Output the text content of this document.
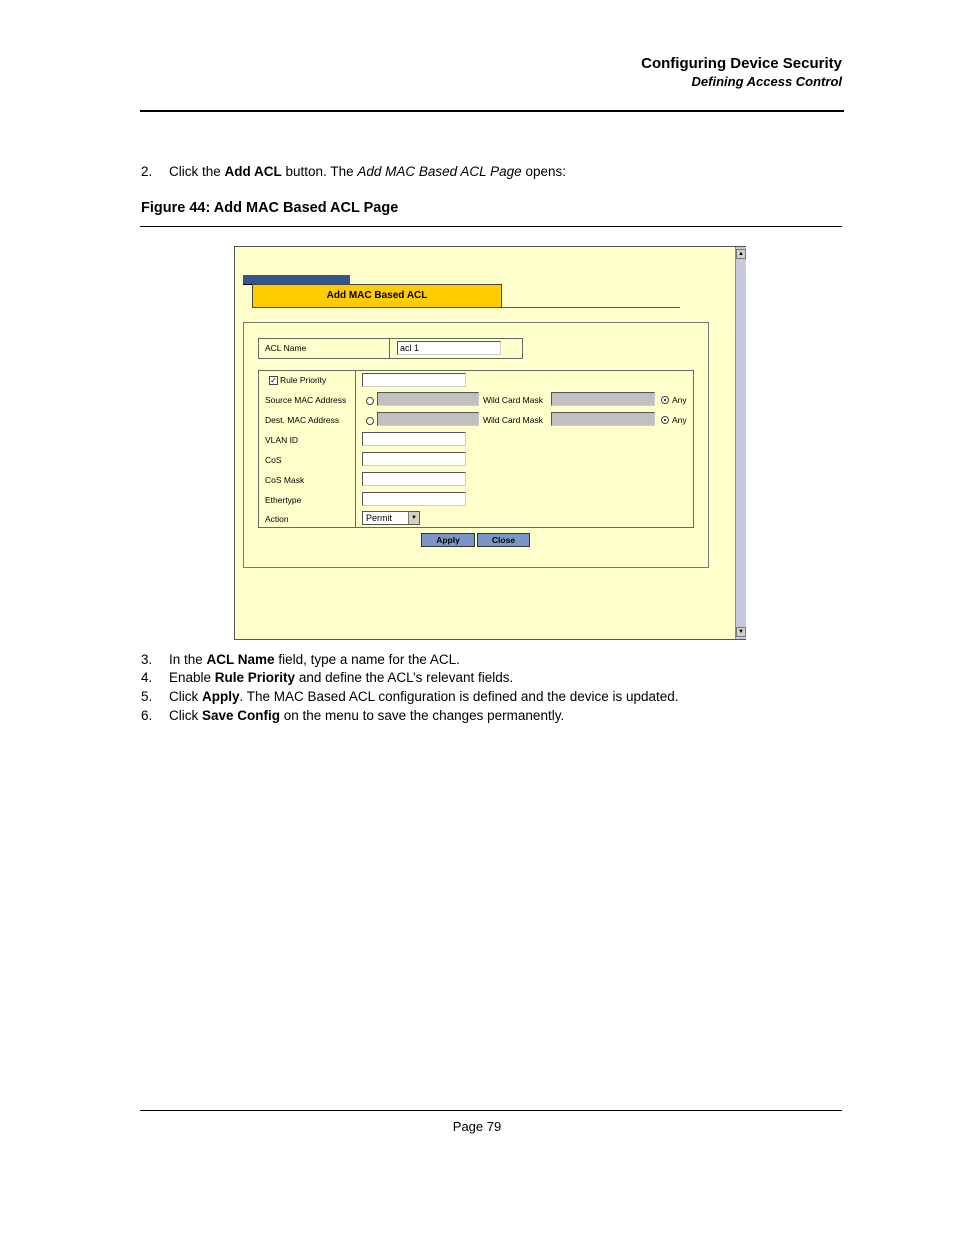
Configuring Device Security
Defining Access Control
2. Click the Add ACL button. The Add MAC Based ACL Page opens:
Figure 44: Add MAC Based ACL Page
▲
▼
Add MAC Based ACL
ACL Name	acl 1
✓ Rule Priority
Source MAC Address	Wild Card Mask	Any
Dest. MAC Address	Wild Card Mask	Any
VLAN ID
CoS
CoS Mask
Ethertype
Action	Permit	▼
Apply	Close
3. In the ACL Name field, type a name for the ACL.
4. Enable Rule Priority and define the ACL’s relevant fields.
5. Click Apply. The MAC Based ACL configuration is defined and the device is updated.
6. Click Save Config on the menu to save the changes permanently.
Page 79
